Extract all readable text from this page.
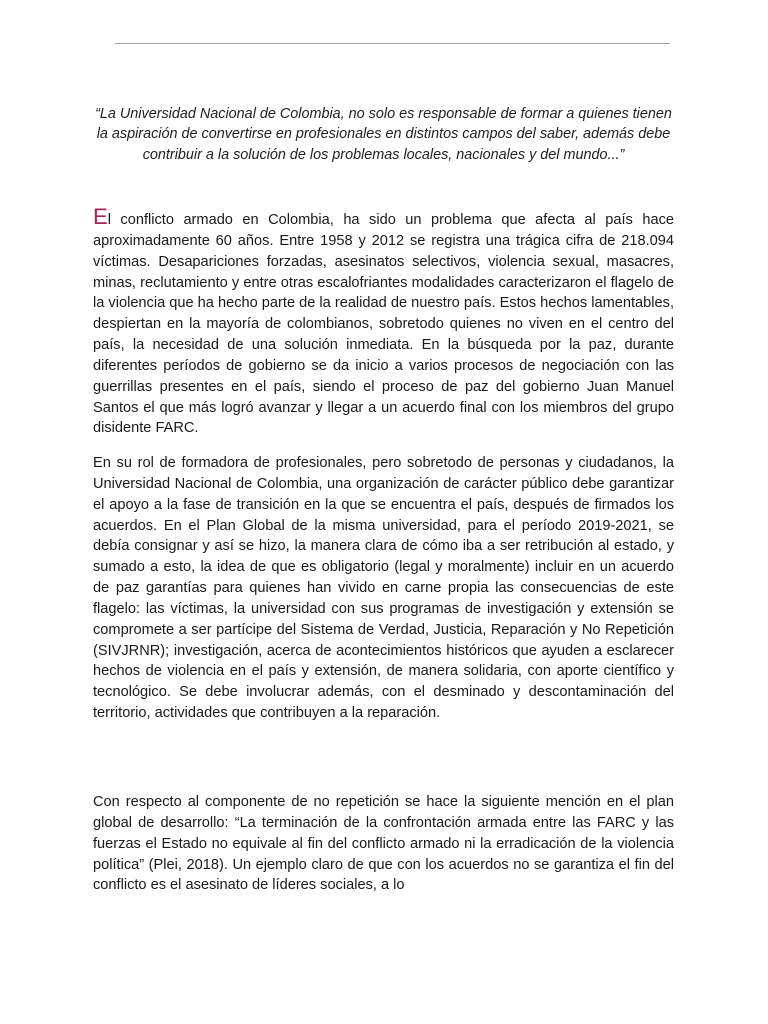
“La Universidad Nacional de Colombia, no solo es responsable de formar a quienes tienen la aspiración de convertirse en profesionales en distintos campos del saber, además debe contribuir a la solución de los problemas locales, nacionales y del mundo...”

El conflicto armado en Colombia, ha sido un problema que afecta al país hace aproximadamente 60 años. Entre 1958 y 2012 se registra una trágica cifra de 218.094 víctimas. Desapariciones forzadas, asesinatos selectivos, violencia sexual, masacres, minas, reclutamiento y entre otras escalofriantes modalidades caracterizaron el flagelo de la violencia que ha hecho parte de la realidad de nuestro país. Estos hechos lamentables, despiertan en la mayoría de colombianos, sobretodo quienes no viven en el centro del país, la necesidad de una solución inmediata. En la búsqueda por la paz, durante diferentes períodos de gobierno se da inicio a varios procesos de negociación con las guerrillas presentes en el país, siendo el proceso de paz del gobierno Juan Manuel Santos el que más logró avanzar y llegar a un acuerdo final con los miembros del grupo disidente FARC.

En su rol de formadora de profesionales, pero sobretodo de personas y ciudadanos, la Universidad Nacional de Colombia, una organización de carácter público debe garantizar el apoyo a la fase de transición en la que se encuentra el país, después de firmados los acuerdos. En el Plan Global de la misma universidad, para el período 2019-2021, se debía consignar y así se hizo, la manera clara de cómo iba a ser retribución al estado, y sumado a esto, la idea de que es obligatorio (legal y moralmente) incluir en un acuerdo de paz garantías para quienes han vivido en carne propia las consecuencias de este flagelo: las víctimas, la universidad con sus programas de investigación y extensión se compromete a ser partícipe del Sistema de Verdad, Justicia, Reparación y No Repetición (SIVJRNR); investigación, acerca de acontecimientos históricos que ayuden a esclarecer hechos de violencia en el país y extensión, de manera solidaria, con aporte científico y tecnológico. Se debe involucrar además, con el desminado y descontaminación del territorio, actividades que contribuyen a la reparación.

Con respecto al componente de no repetición se hace la siguiente mención en el plan global de desarrollo: “La terminación de la confrontación armada entre las FARC y las fuerzas el Estado no equivale al fin del conflicto armado ni la erradicación de la violencia política” (Plei, 2018). Un ejemplo claro de que con los acuerdos no se garantiza el fin del conflicto es el asesinato de líderes sociales, a lo
